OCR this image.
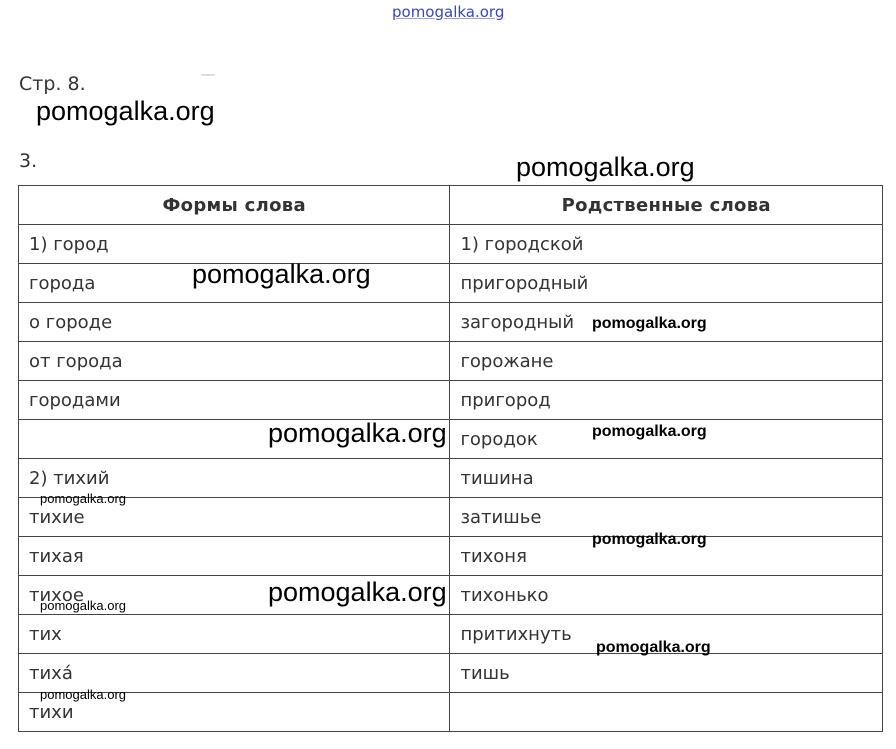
pomogalka.org
Стр. 8.
3.
Формы слова	Родственные слова
1) город	1) городской
города	пригородный
о городе	загородный
от города	горожане
городами	пригород
	городок
2) тихий	тишина
тихие	затишье
тихая	тихоня
тихое	тихонько
тих	притихнуть
тиха́	тишь
тихи	
pomogalka.org
pomogalka.org
pomogalka.org
pomogalka.org
pomogalka.org	pomogalka.org
pomogalka.org
pomogalka.org
pomogalka.org
pomogalka.org
pomogalka.org
pomogalka.org
